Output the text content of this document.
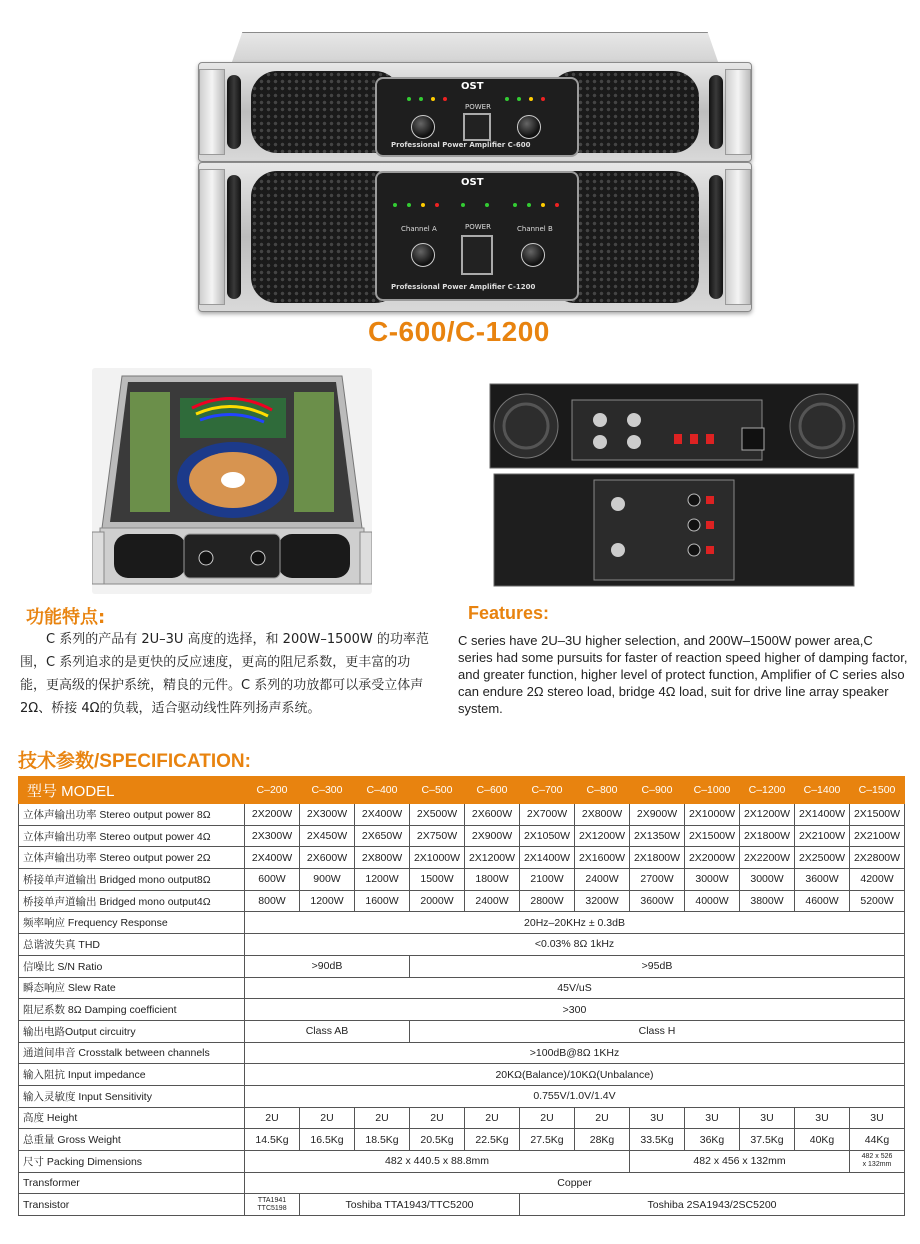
OST
POWER
Professional Power Amplifier C-600
OST
POWER
Channel A	Channel B
Professional Power Amplifier C-1200
C-600/C-1200
功能特点:	Features:
C 系列的产品有 2U–3U 高度的选择，和 200W–1500W 的功率范围，C 系列追求的是更快的反应速度，更高的阻尼系数，更丰富的功能，更高级的保护系统，精良的元件。C 系列的功放都可以承受立体声 2Ω、桥接 4Ω的负载，适合驱动线性阵列扬声系统。
C series have 2U–3U higher selection, and 200W–1500W power area,C series had some pursuits for faster of reaction speed higher of damping factor, and greater function, higher level of protect function, Amplifier of C series also can endure 2Ω stereo load, bridge 4Ω load, suit for drive line array speaker system.
技术参数/SPECIFICATION:
型号 MODEL	C–200	C–300	C–400	C–500	C–600	C–700	C–800	C–900	C–1000	C–1200	C–1400	C–1500
立体声输出功率 Stereo output power 8Ω	2X200W	2X300W	2X400W	2X500W	2X600W	2X700W	2X800W	2X900W	2X1000W	2X1200W	2X1400W	2X1500W
立体声输出功率 Stereo output power 4Ω	2X300W	2X450W	2X650W	2X750W	2X900W	2X1050W	2X1200W	2X1350W	2X1500W	2X1800W	2X2100W	2X2100W
立体声输出功率 Stereo output power 2Ω	2X400W	2X600W	2X800W	2X1000W	2X1200W	2X1400W	2X1600W	2X1800W	2X2000W	2X2200W	2X2500W	2X2800W
桥接单声道输出 Bridged mono output8Ω	600W	900W	1200W	1500W	1800W	2100W	2400W	2700W	3000W	3000W	3600W	4200W
桥接单声道输出 Bridged mono output4Ω	800W	1200W	1600W	2000W	2400W	2800W	3200W	3600W	4000W	3800W	4600W	5200W
频率响应 Frequency Response	20Hz–20KHz ± 0.3dB											
总谐波失真 THD	<0.03% 8Ω 1kHz											
信噪比 S/N Ratio	>90dB			>95dB								
瞬态响应 Slew Rate	45V/uS											
阻尼系数 8Ω Damping coefficient	>300											
输出电路Output circuitry	Class AB			Class H								
通道间串音 Crosstalk between channels	>100dB@8Ω 1KHz											
输入阻抗 Input impedance	20KΩ(Balance)/10KΩ(Unbalance)											
输入灵敏度 Input Sensitivity	0.755V/1.0V/1.4V											
高度 Height	2U	2U	2U	2U	2U	2U	2U	3U	3U	3U	3U	3U
总重量 Gross Weight	14.5Kg	16.5Kg	18.5Kg	20.5Kg	22.5Kg	27.5Kg	28Kg	33.5Kg	36Kg	37.5Kg	40Kg	44Kg
尺寸 Packing Dimensions	482 x 440.5 x 88.8mm							482 x 456 x 132mm				482 x 526
x 132mm
Transformer	Copper											
Transistor	TTA1941
TTC5198	Toshiba TTA1943/TTC5200				Toshiba 2SA1943/2SC5200						
